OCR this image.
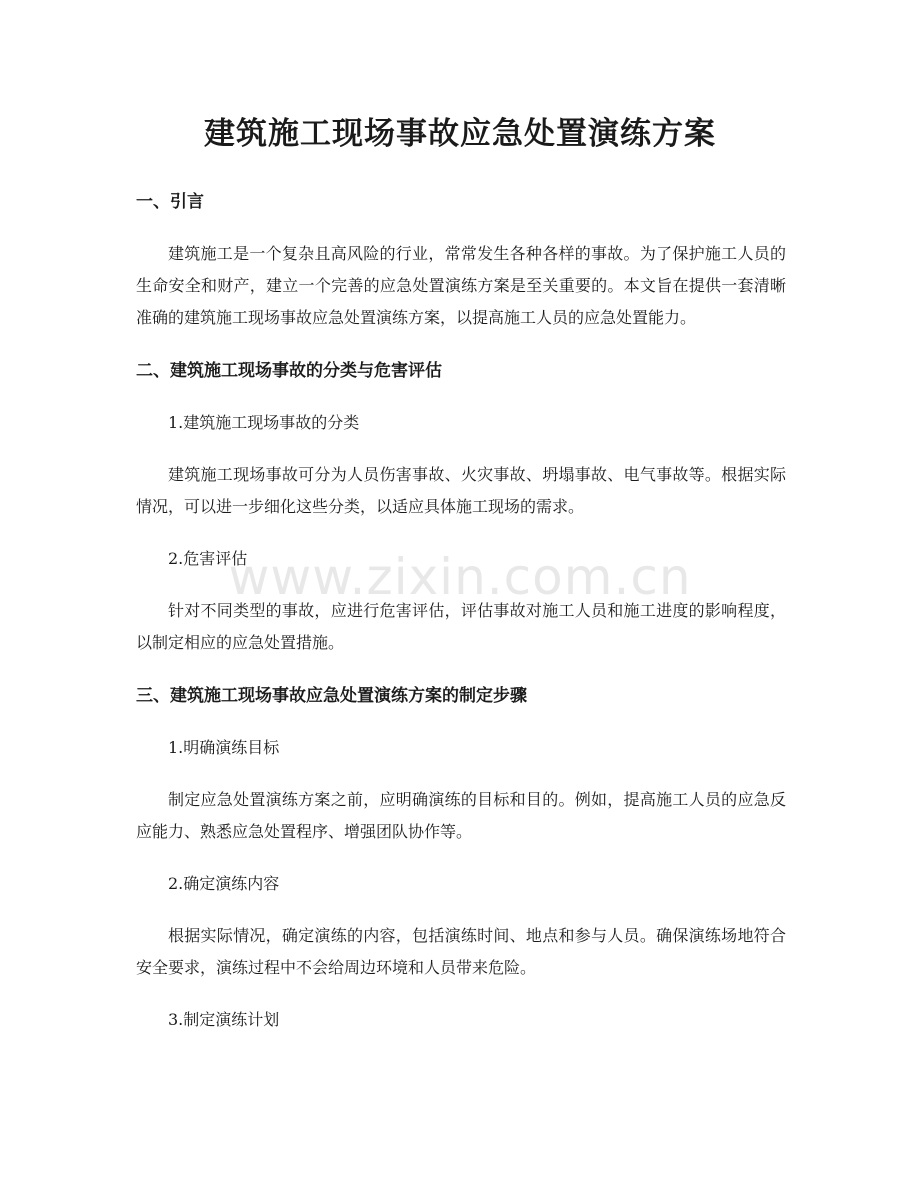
建筑施工现场事故应急处置演练方案
www.zixin.com.cn
一、引言

建筑施工是一个复杂且高风险的行业，常常发生各种各样的事故。为了保护施工人员的生命安全和财产，建立一个完善的应急处置演练方案是至关重要的。本文旨在提供一套清晰准确的建筑施工现场事故应急处置演练方案，以提高施工人员的应急处置能力。

二、建筑施工现场事故的分类与危害评估

1.建筑施工现场事故的分类

建筑施工现场事故可分为人员伤害事故、火灾事故、坍塌事故、电气事故等。根据实际情况，可以进一步细化这些分类，以适应具体施工现场的需求。

2.危害评估

针对不同类型的事故，应进行危害评估，评估事故对施工人员和施工进度的影响程度，以制定相应的应急处置措施。

三、建筑施工现场事故应急处置演练方案的制定步骤

1.明确演练目标

制定应急处置演练方案之前，应明确演练的目标和目的。例如，提高施工人员的应急反应能力、熟悉应急处置程序、增强团队协作等。

2.确定演练内容

根据实际情况，确定演练的内容，包括演练时间、地点和参与人员。确保演练场地符合安全要求，演练过程中不会给周边环境和人员带来危险。

3.制定演练计划
